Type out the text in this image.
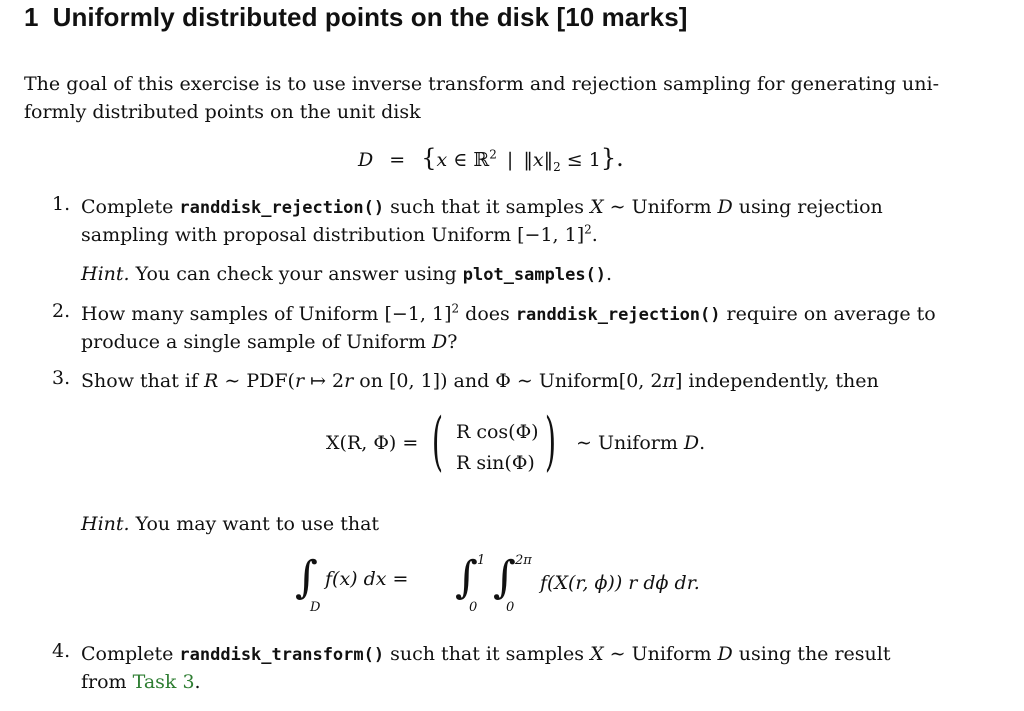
1 Uniformly distributed points on the disk [10 marks]
The goal of this exercise is to use inverse transform and rejection sampling for generating uni-
formly distributed points on the unit disk
D = {x ∈ ℝ$^2$ | $‖x‖_2 \le 1$}.
1. Complete randdisk_rejection() such that it samples X ∼ Uniform D using rejection
sampling with proposal distribution Uniform [−1, 1]$^2$.
Hint. You can check your answer using plot_samples().
2. How many samples of Uniform [−1, 1]$^2$ does randdisk_rejection() require on average to
produce a single sample of Uniform D?
3. Show that if R ∼ PDF(r ↦ 2r on [0, 1]) and Φ ∼ Uniform[0, 2π] independently, then
X(R, Φ) = ( R cos(Φ)
R sin(Φ) )	∼ Uniform D.
Hint. You may want to use that
∫
D
f(x) dx = ∫ 1
0
∫ 2π
0
f(X(r, ϕ)) r dϕ dr.
4. Complete randdisk_transform() such that it samples X ∼ Uniform D using the result
from Task 3.
